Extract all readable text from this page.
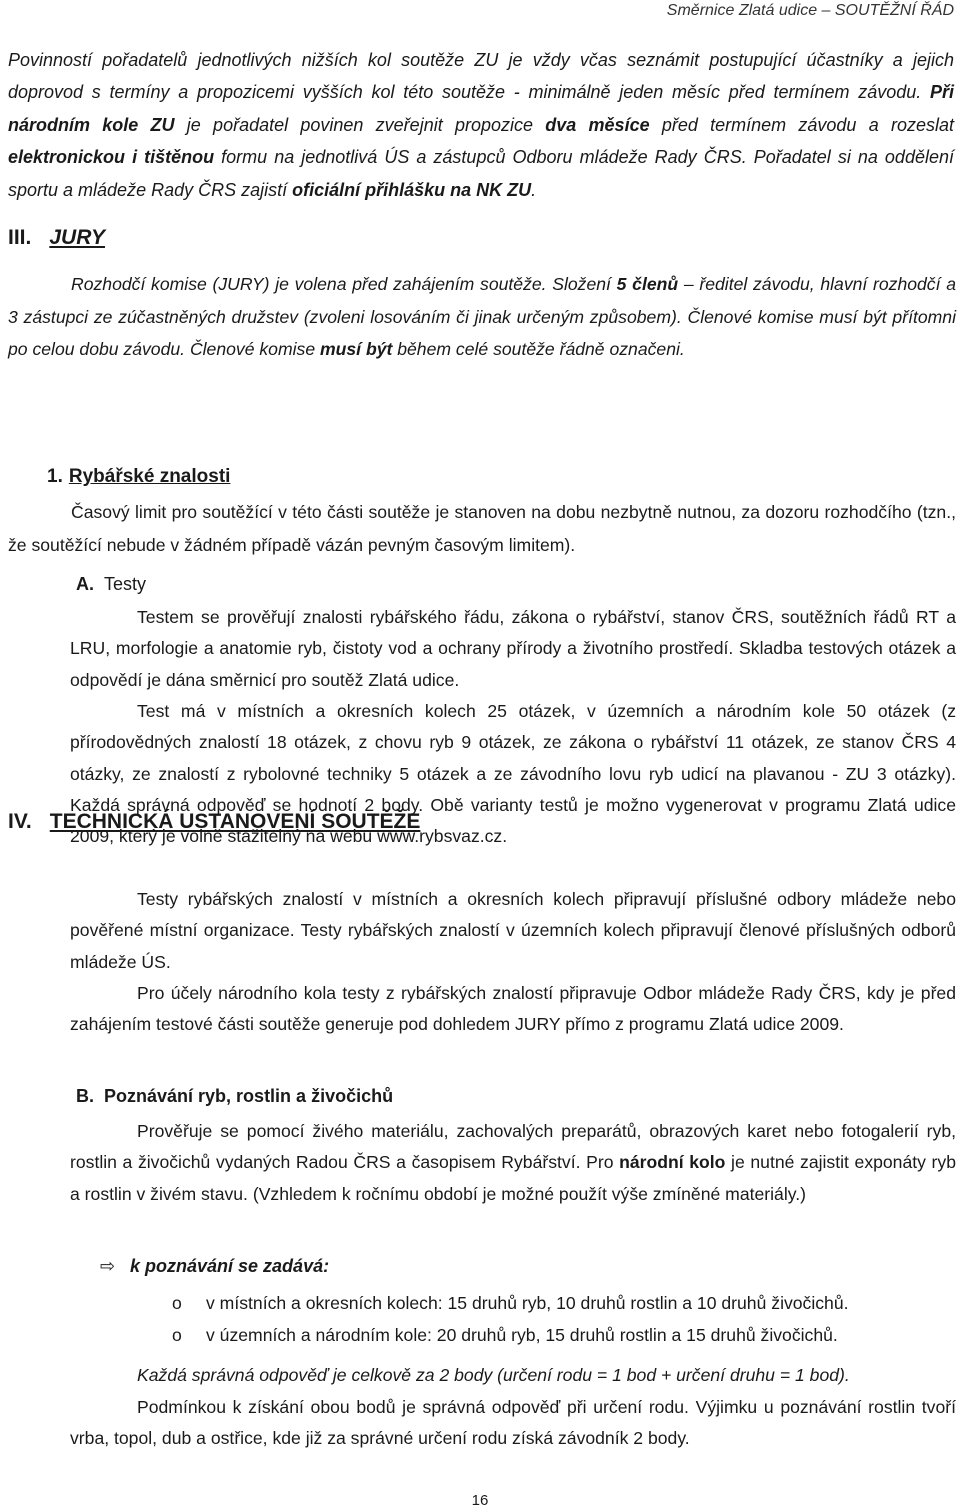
Směrnice Zlatá udice – SOUTĚŽNÍ ŘÁD
Povinností pořadatelů jednotlivých nižších kol soutěže ZU je vždy včas seznámit postupující účastníky a jejich doprovod s termíny a propozicemi vyšších kol této soutěže - minimálně jeden měsíc před termínem závodu. Při národním kole ZU je pořadatel povinen zveřejnit propozice dva měsíce před termínem závodu a rozeslat elektronickou i tištěnou formu na jednotlivá ÚS a zástupců Odboru mládeže Rady ČRS. Pořadatel si na oddělení sportu a mládeže Rady ČRS zajistí oficiální přihlášku na NK ZU.
III. JURY
Rozhodčí komise (JURY) je volena před zahájením soutěže. Složení 5 členů – ředitel závodu, hlavní rozhodčí a 3 zástupci ze zúčastněných družstev (zvoleni losováním či jinak určeným způsobem). Členové komise musí být přítomni po celou dobu závodu. Členové komise musí být během celé soutěže řádně označeni.
IV. TECHNICKÁ USTANOVENÍ SOUTĚŽE
1. Rybářské znalosti
Časový limit pro soutěžící v této části soutěže je stanoven na dobu nezbytně nutnou, za dozoru rozhodčího (tzn., že soutěžící nebude v žádném případě vázán pevným časovým limitem).
A. Testy
Testem se prověřují znalosti rybářského řádu, zákona o rybářství, stanov ČRS, soutěžních řádů RT a LRU, morfologie a anatomie ryb, čistoty vod a ochrany přírody a životního prostředí. Skladba testových otázek a odpovědí je dána směrnicí pro soutěž Zlatá udice.
Test má v místních a okresních kolech 25 otázek, v územních a národním kole 50 otázek (z přírodovědných znalostí 18 otázek, z chovu ryb 9 otázek, ze zákona o rybářství 11 otázek, ze stanov ČRS 4 otázky, ze znalostí z rybolovné techniky 5 otázek a ze závodního lovu ryb udicí na plavanou - ZU 3 otázky). Každá správná odpověď se hodnotí 2 body. Obě varianty testů je možno vygenerovat v programu Zlatá udice 2009, který je volně stažitelný na webu www.rybsvaz.cz.
Testy rybářských znalostí v místních a okresních kolech připravují příslušné odbory mládeže nebo pověřené místní organizace. Testy rybářských znalostí v územních kolech připravují členové příslušných odborů mládeže ÚS.
Pro účely národního kola testy z rybářských znalostí připravuje Odbor mládeže Rady ČRS, kdy je před zahájením testové části soutěže generuje pod dohledem JURY přímo z programu Zlatá udice 2009.
B. Poznávání ryb, rostlin a živočichů
Prověřuje se pomocí živého materiálu, zachovalých preparátů, obrazových karet nebo fotogalerií ryb, rostlin a živočichů vydaných Radou ČRS a časopisem Rybářství. Pro národní kolo je nutné zajistit exponáty ryb a rostlin v živém stavu. (Vzhledem k ročnímu období je možné použít výše zmíněné materiály.)
⇨ k poznávání se zadává:
o v místních a okresních kolech: 15 druhů ryb, 10 druhů rostlin a 10 druhů živočichů.
o v územních a národním kole: 20 druhů ryb, 15 druhů rostlin a 15 druhů živočichů.
Každá správná odpověď je celkově za 2 body (určení rodu = 1 bod + určení druhu = 1 bod).
Podmínkou k získání obou bodů je správná odpověď při určení rodu. Výjimku u poznávání rostlin tvoří vrba, topol, dub a ostřice, kde již za správné určení rodu získá závodník 2 body.
16
